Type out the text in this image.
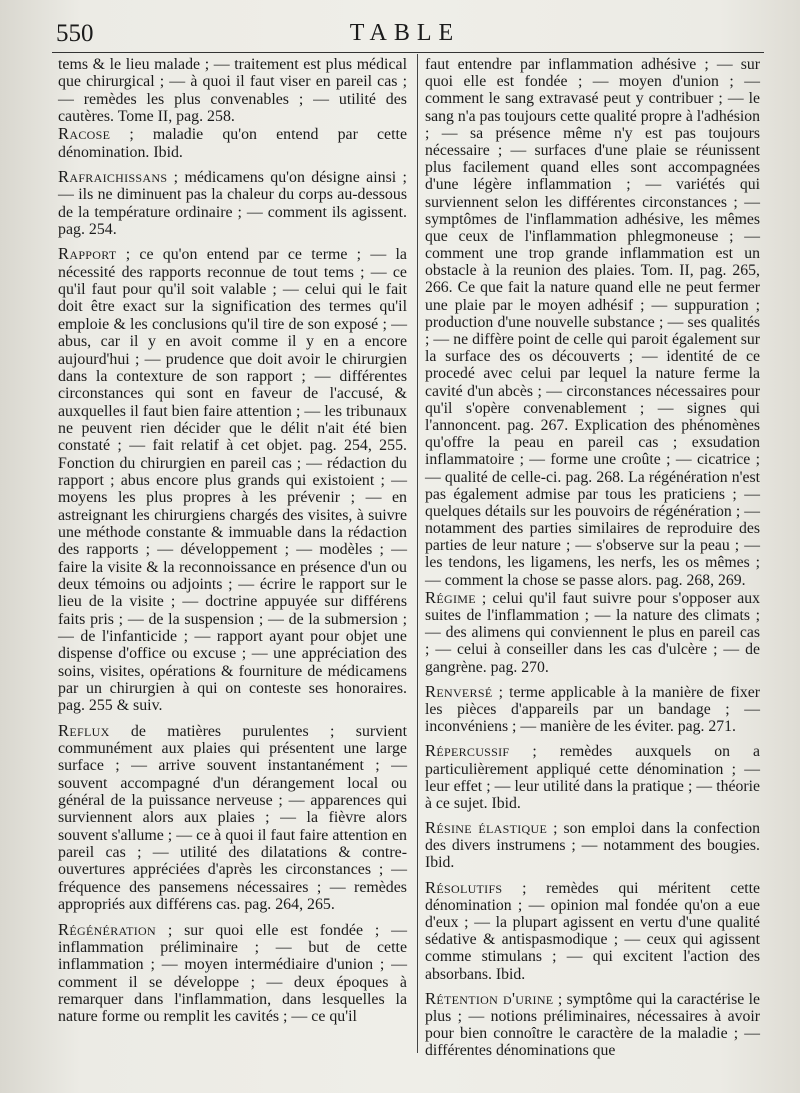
550	TABLE

tems & le lieu malade ; — traitement est plus médical que chirurgical ; — à quoi il faut viser en pareil cas ; — remèdes les plus convenables ; — utilité des cautères. Tome II, pag. 258.

Racose ; maladie qu'on entend par cette dénomination. Ibid.

Rafraichissans ; médicamens qu'on désigne ainsi ; — ils ne diminuent pas la chaleur du corps au-dessous de la température ordinaire ; — comment ils agissent. pag. 254.

Rapport ; ce qu'on entend par ce terme ; — la nécessité des rapports reconnue de tout tems ; — ce qu'il faut pour qu'il soit valable ; — celui qui le fait doit être exact sur la signification des termes qu'il emploie & les conclusions qu'il tire de son exposé ; — abus, car il y en avoit comme il y en a encore aujourd'hui ; — prudence que doit avoir le chirurgien dans la contexture de son rapport ; — différentes circonstances qui sont en faveur de l'accusé, & auxquelles il faut bien faire attention ; — les tribunaux ne peuvent rien décider que le délit n'ait été bien constaté ; — fait relatif à cet objet. pag. 254, 255. Fonction du chirurgien en pareil cas ; — rédaction du rapport ; abus encore plus grands qui existoient ; — moyens les plus propres à les prévenir ; — en astreignant les chirurgiens chargés des visites, à suivre une méthode constante & immuable dans la rédaction des rapports ; — développement ; — modèles ; — faire la visite & la reconnoissance en présence d'un ou deux témoins ou adjoints ; — écrire le rapport sur le lieu de la visite ; — doctrine appuyée sur différens faits pris ; — de la suspension ; — de la submersion ; — de l'infanticide ; — rapport ayant pour objet une dispense d'office ou excuse ; — une appréciation des soins, visites, opérations & fourniture de médicamens par un chirurgien à qui on conteste ses honoraires. pag. 255 & suiv.

Reflux de matières purulentes ; survient communément aux plaies qui présentent une large surface ; — arrive souvent instantanément ; — souvent accompagné d'un dérangement local ou général de la puissance nerveuse ; — apparences qui surviennent alors aux plaies ; — la fièvre alors souvent s'allume ; — ce à quoi il faut faire attention en pareil cas ; — utilité des dilatations & contre-ouvertures appréciées d'après les circonstances ; — fréquence des pansemens nécessaires ; — remèdes appropriés aux différens cas. pag. 264, 265.

Régénération ; sur quoi elle est fondée ; — inflammation préliminaire ; — but de cette inflammation ; — moyen intermédiaire d'union ; — comment il se développe ; — deux époques à remarquer dans l'inflammation, dans lesquelles la nature forme ou remplit les cavités ; — ce qu'il

faut entendre par inflammation adhésive ; — sur quoi elle est fondée ; — moyen d'union ; — comment le sang extravasé peut y contribuer ; — le sang n'a pas toujours cette qualité propre à l'adhésion ; — sa présence même n'y est pas toujours nécessaire ; — surfaces d'une plaie se réunissent plus facilement quand elles sont accompagnées d'une légère inflammation ; — variétés qui surviennent selon les différentes circonstances ; — symptômes de l'inflammation adhésive, les mêmes que ceux de l'inflammation phlegmoneuse ; — comment une trop grande inflammation est un obstacle à la reunion des plaies. Tom. II, pag. 265, 266. Ce que fait la nature quand elle ne peut fermer une plaie par le moyen adhésif ; — suppuration ; production d'une nouvelle substance ; — ses qualités ; — ne diffère point de celle qui paroit également sur la surface des os découverts ; — identité de ce procedé avec celui par lequel la nature ferme la cavité d'un abcès ; — circonstances nécessaires pour qu'il s'opère convenablement ; — signes qui l'annoncent. pag. 267. Explication des phénomènes qu'offre la peau en pareil cas ; exsudation inflammatoire ; — forme une croûte ; — cicatrice ; — qualité de celle-ci. pag. 268. La régénération n'est pas également admise par tous les praticiens ; — quelques détails sur les pouvoirs de régénération ; — notamment des parties similaires de reproduire des parties de leur nature ; — s'observe sur la peau ; — les tendons, les ligamens, les nerfs, les os mêmes ; — comment la chose se passe alors. pag. 268, 269.

Régime ; celui qu'il faut suivre pour s'opposer aux suites de l'inflammation ; — la nature des climats ; — des alimens qui conviennent le plus en pareil cas ; — celui à conseiller dans les cas d'ulcère ; — de gangrène. pag. 270.

Renversé ; terme applicable à la manière de fixer les pièces d'appareils par un bandage ; — inconvéniens ; — manière de les éviter. pag. 271.

Répercussif ; remèdes auxquels on a particulièrement appliqué cette dénomination ; — leur effet ; — leur utilité dans la pratique ; — théorie à ce sujet. Ibid.

Résine élastique ; son emploi dans la confection des divers instrumens ; — notamment des bougies. Ibid.

Résolutifs ; remèdes qui méritent cette dénomination ; — opinion mal fondée qu'on a eue d'eux ; — la plupart agissent en vertu d'une qualité sédative & antispasmodique ; — ceux qui agissent comme stimulans ; — qui excitent l'action des absorbans. Ibid.

Rétention d'urine ; symptôme qui la caractérise le plus ; — notions préliminaires, nécessaires à avoir pour bien connoître le caractère de la maladie ; — différentes dénominations que
